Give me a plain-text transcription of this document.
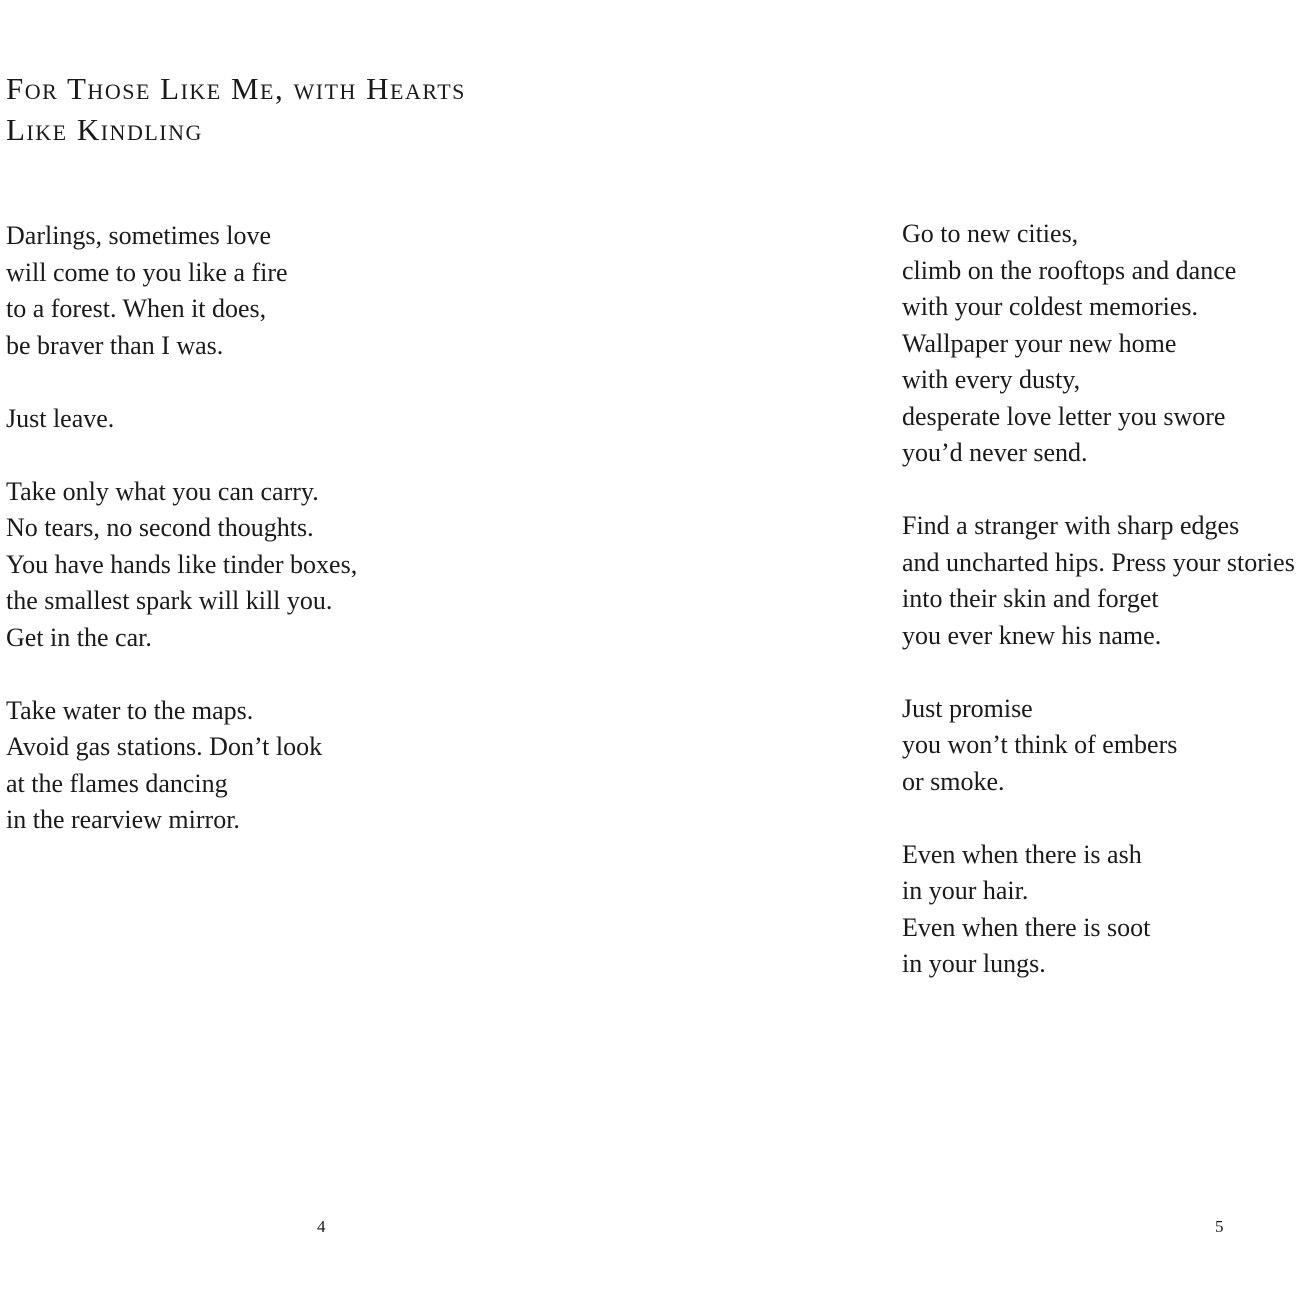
For Those Like Me, with Hearts
Like Kindling

Darlings, sometimes love
will come to you like a fire
to a forest. When it does,
be braver than I was.

Just leave.

Take only what you can carry.
No tears, no second thoughts.
You have hands like tinder boxes,
the smallest spark will kill you.
Get in the car.

Take water to the maps.
Avoid gas stations. Don’t look
at the flames dancing
in the rearview mirror.

4

Go to new cities,
climb on the rooftops and dance
with your coldest memories.
Wallpaper your new home
with every dusty,
desperate love letter you swore
you’d never send.

Find a stranger with sharp edges
and uncharted hips. Press your stories
into their skin and forget
you ever knew his name.

Just promise
you won’t think of embers
or smoke.

Even when there is ash
in your hair.
Even when there is soot
in your lungs.

5
